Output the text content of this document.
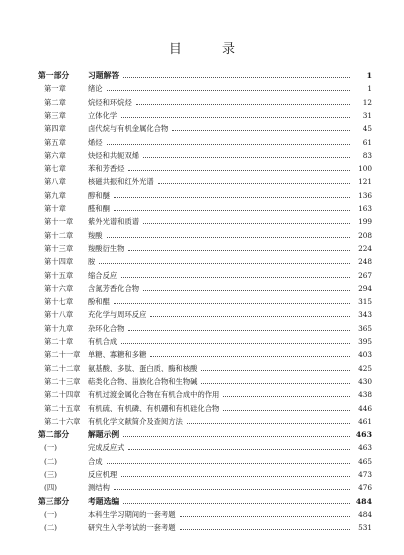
目 录
第一部分 习题解答	1
第一章	绪论	1
第二章	烷烃和环烷烃	12
第三章	立体化学	31
第四章	卤代烷与有机金属化合物	45
第五章	烯烃	61
第六章	炔烃和共轭双烯	83
第七章	苯和芳香烃	100
第八章	核磁共振和红外光谱	121
第九章	醇和醚	136
第十章	醛和酮	163
第十一章 紫外光谱和质谱	199
第十二章 羧酸	208
第十三章 羧酸衍生物	224
第十四章 胺	248
第十五章 缩合反应	267
第十六章 含氮芳香化合物	294
第十七章 酚和醌	315
第十八章 充化学与周环反应	343
第十九章 杂环化合物	365
第二十章 有机合成	395
第二十一章 单糖、寡糖和多糖	403
第二十二章 氨基酸、多肽、蛋白质、酶和核酸	425
第二十三章 萜类化合物、甾族化合物和生物碱	430
第二十四章 有机过渡金属化合物在有机合成中的作用	438
第二十五章 有机硫、有机磷、有机硼和有机硅化合物	446
第二十六章 有机化学文献简介及查阅方法	461
第二部分 解题示例	463
(一)	完成反应式	463
(二)	合成	465
(三)	反应机理	473
(四)	测结构	476
第三部分 考题选编	484
(一)	本科生学习期间的一套考题	484
(二)	研究生入学考试的一套考题	531
